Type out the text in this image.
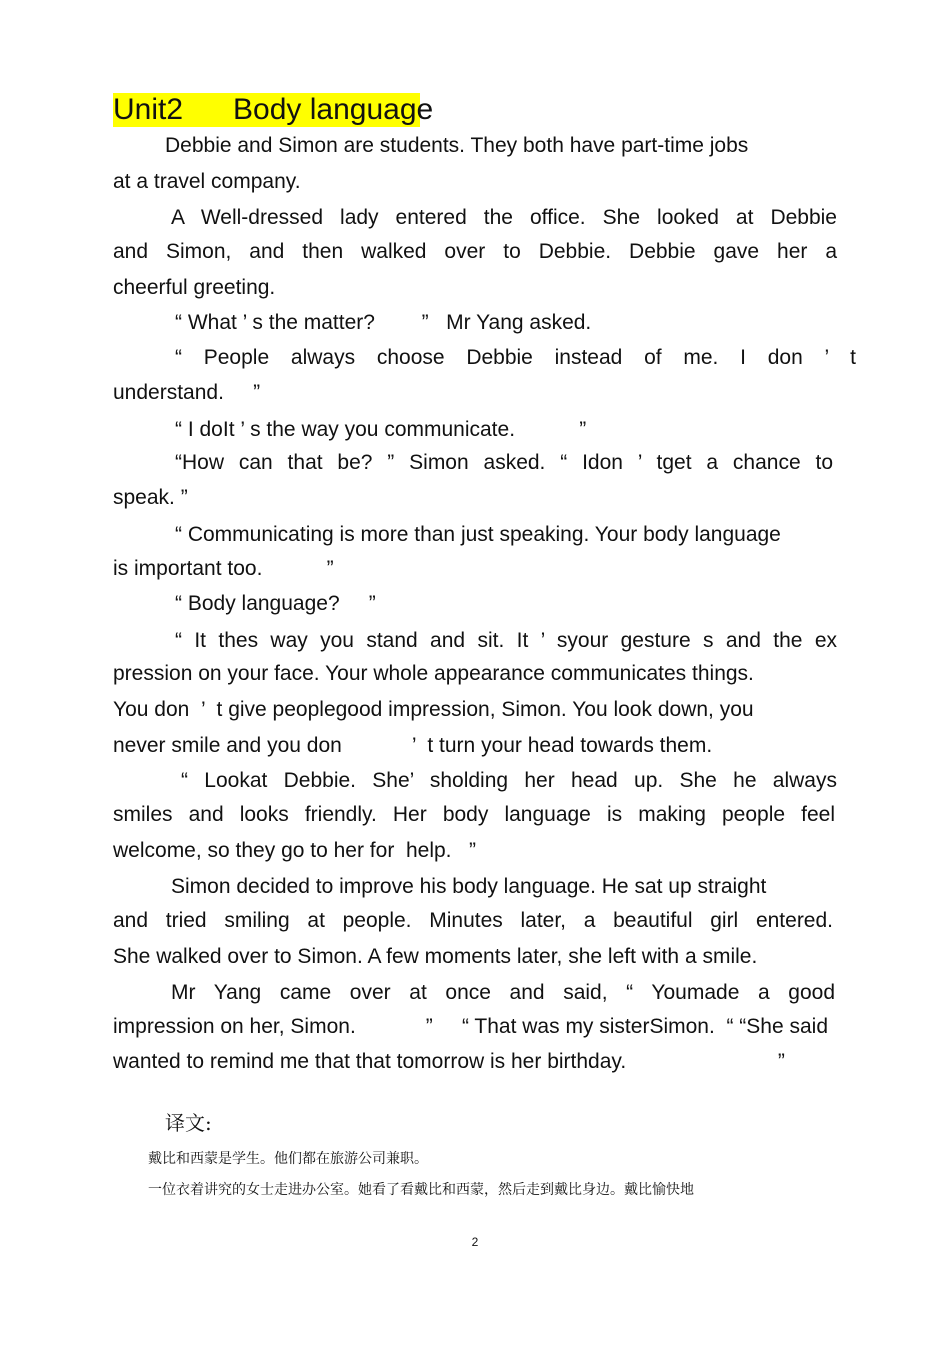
Unit2      Body language
Debbie and Simon are students. They both have part-time jobs
at a travel company.
A Well-dressed lady entered the office. She looked at Debbie
and Simon, and then walked over to Debbie. Debbie gave her a
cheerful greeting.
“ What ’ s the matter?        ”   Mr Yang asked.
“ People always choose Debbie instead of me. I don ’ t
understand.     ”
“ I doIt ’ s the way you communicate.           ”
“How can that be? ” Simon asked. “ Idon ’ tget a chance to
speak. ”
“ Communicating is more than just speaking. Your body language
is important too.           ”
“ Body language?     ”
“ It thes way you stand and sit. It ’ syour gesture s and the ex
pression on your face. Your whole appearance communicates things.
You don  ’  t give peoplegood impression, Simon. You look down, you
never smile and you don            ’  t turn your head towards them.
“ Lookat Debbie. She’ sholding her head up. She he always
smiles and looks friendly. Her body language is making people feel
welcome, so they go to her for  help.   ”
Simon decided to improve his body language. He sat up straight
and tried smiling at people. Minutes later, a beautiful girl entered.
She walked over to Simon. A few moments later, she left with a smile.
Mr Yang came over at once and said, “ Youmade a good
impression on her, Simon.            ”     “ That was my sisterSimon.  “ “She said
wanted to remind me that that tomorrow is her birthday.                          ”
译文:
戴比和西蒙是学生。他们都在旅游公司兼职。
一位衣着讲究的女士走进办公室。她看了看戴比和西蒙，然后走到戴比身边。戴比愉快地
2
